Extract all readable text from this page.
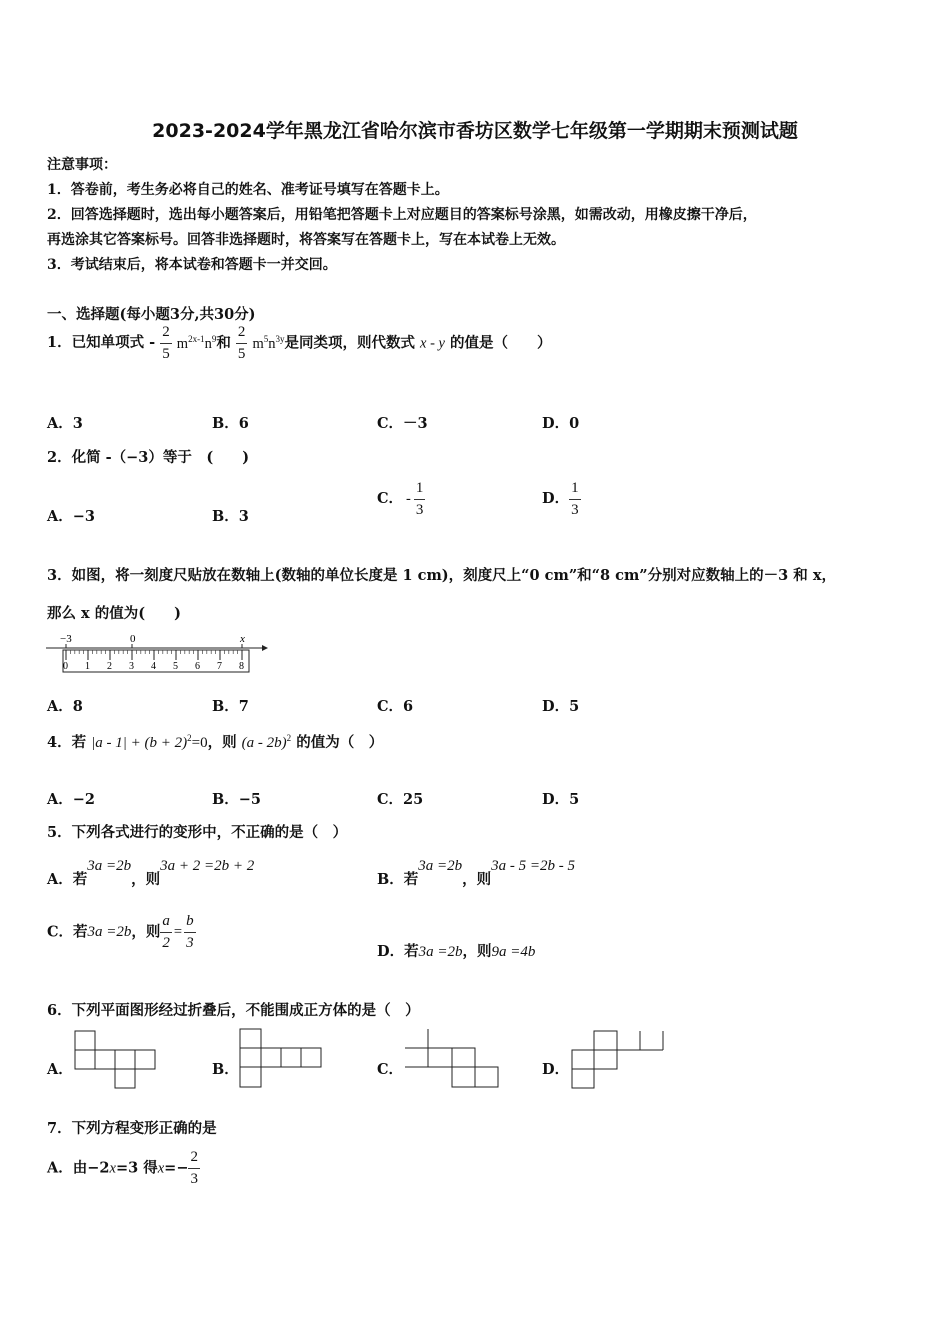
2023-2024学年黑龙江省哈尔滨市香坊区数学七年级第一学期期末预测试题
注意事项：
1．答卷前，考生务必将自己的姓名、准考证号填写在答题卡上。
2．回答选择题时，选出每小题答案后，用铅笔把答题卡上对应题目的答案标号涂黑，如需改动，用橡皮擦干净后，
再选涂其它答案标号。回答非选择题时，将答案写在答题卡上，写在本试卷上无效。
3．考试结束后，将本试卷和答题卡一并交回。
一、选择题(每小题3分,共30分)
1．已知单项式 - $\frac{2}{5} m^{2x-1}n^9$和 $\frac{2}{5} m^5n^{3y}$是同类项，则代数式 x - y 的值是（　　）
A．3	B．6	C．－3	D．0
2．化简 -（−3）等于　(　　)
A．−3	B．3
C． - $\frac{1}{3}$	D． $\frac{1}{3}$
3．如图，将一刻度尺贴放在数轴上(数轴的单位长度是 1 cm)，刻度尺上“0 cm”和“8 cm”分别对应数轴上的－3 和 x，
那么 x 的值为(　　)
−3	0	x
0 1 2 3 4 5 6 7 8
A．8	B．7	C．6	D．5
4．若 $|a - 1| + (b + 2)^2=0$，则 (a - 2b)$^2$ 的值为（　）
A．−2	B．−5	C．25	D．5
5．下列各式进行的变形中，不正确的是（　）
A．若3a =2b，则3a + 2 =2b + 2
B．若3a =2b，则3a - 5 =2b - 5
C．若3a =2b，则 $\frac{a}{2} = \frac{b}{3}$
D．若3a =2b，则9a =4b
6．下列平面图形经过折叠后，不能围成正方体的是（　）
A．	B．	C．	D．
7．下列方程变形正确的是
A．由−2x=3 得$x=- \frac{2}{3}$
